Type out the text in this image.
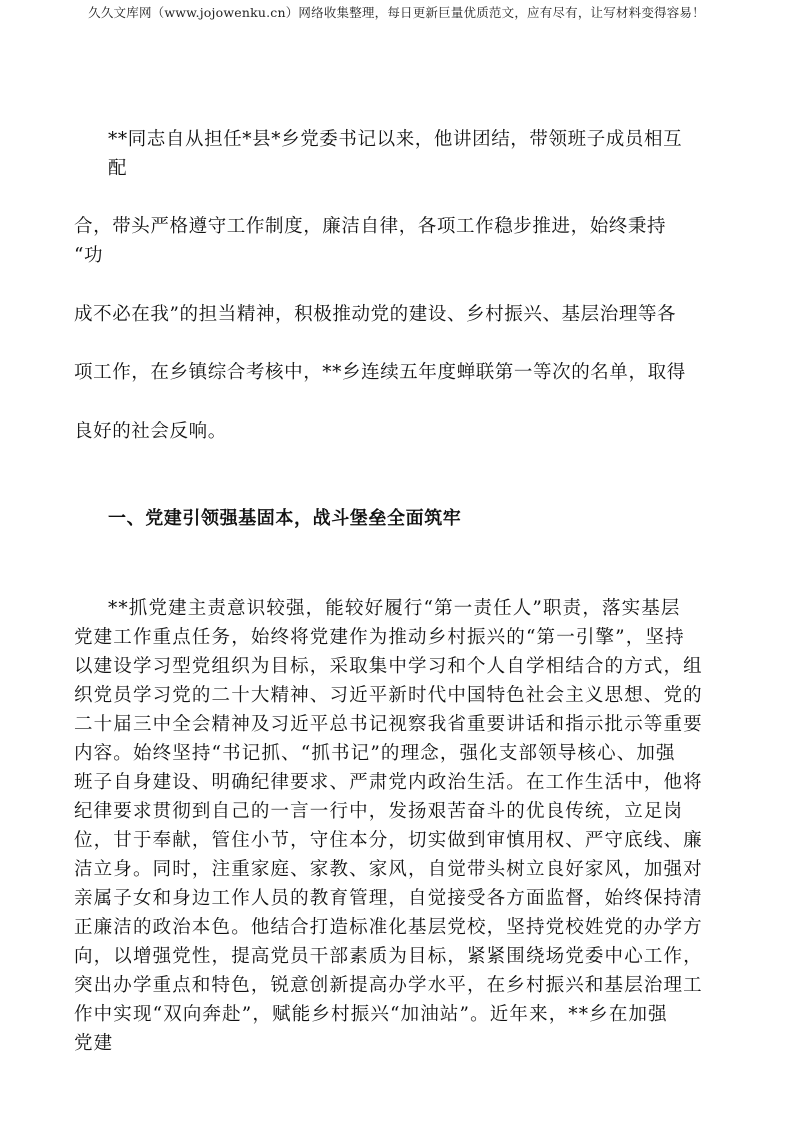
久久文库网（www.jojowenku.cn）网络收集整理，每日更新巨量优质范文，应有尽有，让写材料变得容易！
**同志自从担任*县*乡党委书记以来，他讲团结，带领班子成员相互
配
合，带头严格遵守工作制度，廉洁自律，各项工作稳步推进，始终秉持
“功
成不必在我”的担当精神，积极推动党的建设、乡村振兴、基层治理等各
项工作，在乡镇综合考核中，**乡连续五年度蝉联第一等次的名单，取得
良好的社会反响。
一、党建引领强基固本，战斗堡垒全面筑牢
**抓党建主责意识较强，能较好履行“第一责任人”职责，落实基层
党建工作重点任务，始终将党建作为推动乡村振兴的“第一引擎”，坚持
以建设学习型党组织为目标，采取集中学习和个人自学相结合的方式，组
织党员学习党的二十大精神、习近平新时代中国特色社会主义思想、党的
二十届三中全会精神及习近平总书记视察我省重要讲话和指示批示等重要
内容。始终坚持“书记抓、“抓书记”的理念，强化支部领导核心、加强
班子自身建设、明确纪律要求、严肃党内政治生活。在工作生活中，他将
纪律要求贯彻到自己的一言一行中，发扬艰苦奋斗的优良传统，立足岗
位，甘于奉献，管住小节，守住本分，切实做到审慎用权、严守底线、廉
洁立身。同时，注重家庭、家教、家风，自觉带头树立良好家风，加强对
亲属子女和身边工作人员的教育管理，自觉接受各方面监督，始终保持清
正廉洁的政治本色。他结合打造标准化基层党校，坚持党校姓党的办学方
向，以增强党性，提高党员干部素质为目标，紧紧围绕场党委中心工作，
突出办学重点和特色，锐意创新提高办学水平，在乡村振兴和基层治理工
作中实现“双向奔赴”，赋能乡村振兴“加油站”。近年来，**乡在加强
党建
